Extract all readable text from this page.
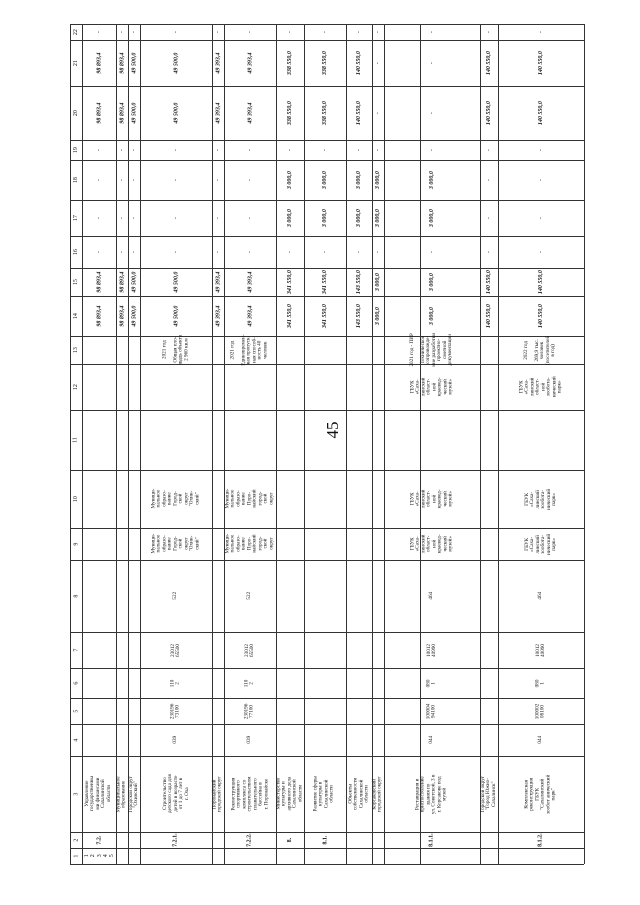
1
2
3
4
5
6
7
8
9
10
11
12
13
14
15
16
17
18
19
20
21
22
1
2
3
4
5
7.2.
Управление
государственны
ми финансами
Сахалинской
области
98 893,4
98 893,4
-
-
-
-
98 893,4
98 893,4
-
Муниципальное
образование
98 893,4
98 893,4
-
-
-
-
98 893,4
98 893,4
-
Городской округ
"Охинский"
49 500,0
49 500,0
-
-
-
-
49 500,0
49 500,0
-
7.2.1.
Строительство
детского сада для
детей в возрасте
от 1 до 7 лет в
г. Оха
039
230196
73100
110
2
23012
65500
522
Муници-
пальное
образо-
вание
Город-
ской
округ
"Охин-
ский"
Муници-
пальное
образо-
вание
Город-
ской
округ
"Охин-
ский"
2021 год

Общая пло-
щадь объекта
2 960 кв.м
49 500,0
49 500,0
-
-
-
-
49 500,0
49 500,0
-
Поронайский
городской округ
49 393,4
49 393,4
-
-
-
-
49 393,4
49 393,4
-
7.2.2.
Реконструкция
спортивного
комплекса со
строительством
плавательного
бассейна в
г. Поронайске
039
230196
77100
110
2
23012
65500
522
Муници-
пальное
образо-
вание
Поро-
найский
город-
ской
округ
Муници-
пальное
образо-
вание
Поро-
найский
город-
ской
округ
2021 год

Единовремен-
ная пропуск-
ная способ-
ность 40
человек
49 393,4
49 393,4
-
-
-
-
49 393,4
49 393,4
-
8.
Министерство
культуры и
архивного дела
Сахалинской
области
341 550,0
341 550,0
-
3 000,0
3 000,0
-
338 550,0
338 550,0
-
8.1.
Развитие сферы
культуры в
Сахалинской
области
341 550,0
341 550,0
-
3 000,0
3 000,0
-
338 550,0
338 550,0
-
Объекты
собственности
Сахалинской
области
143 550,0
143 550,0
-
3 000,0
3 000,0
-
140 550,0
140 550,0
-
Корсаковский
городской округ
3 000,0
3 000,0
-
3 000,0
3 000,0
-
-
-
-
8.1.1.
Реставрация и
приспособление
здания по
ул. Советской, 3 в
г. Корсакове под
музей
044
100004
94100
080
1
10012
40990
464
ГБУК
«Саха-
линский
област-
ной
краевед-
ческий
музей»
ГБУК
«Саха-
линский
област-
ной
краевед-
ческий
музей»
ГБУК
«Саха-
линский
област-
ной
краевед-
ческий
музей»
2021 год - ПИР

Техническое
сопровожде-
ние разработки
проектно-
сметной
документации
3 000,0
3 000,0
-
3 000,0
3 000,0
-
-
-
-
Городской округ
"Город Южно-
Сахалинск"
140 550,0
140 550,0
-
-
-
-
140 550,0
140 550,0
-
8.1.2.
Комплексная
реконструкция
ГБУК
"Сахалинский
зообот анический
парк"
044
100002
08100
080
1
10012
40090
464
ГБУК
«Саха-
линский
зообота-
нический
парк»
ГБУК
«Саха-
линский
зообота-
нический
парк»
ГБУК
«Саха-
линский
област-
ной
зообота-
нический
парк»
2022 год

269,9 тыс.
человек
(посетителей
в год)
140 550,0
140 550,0
-
-
-
-
140 550,0
140 550,0
-
45
